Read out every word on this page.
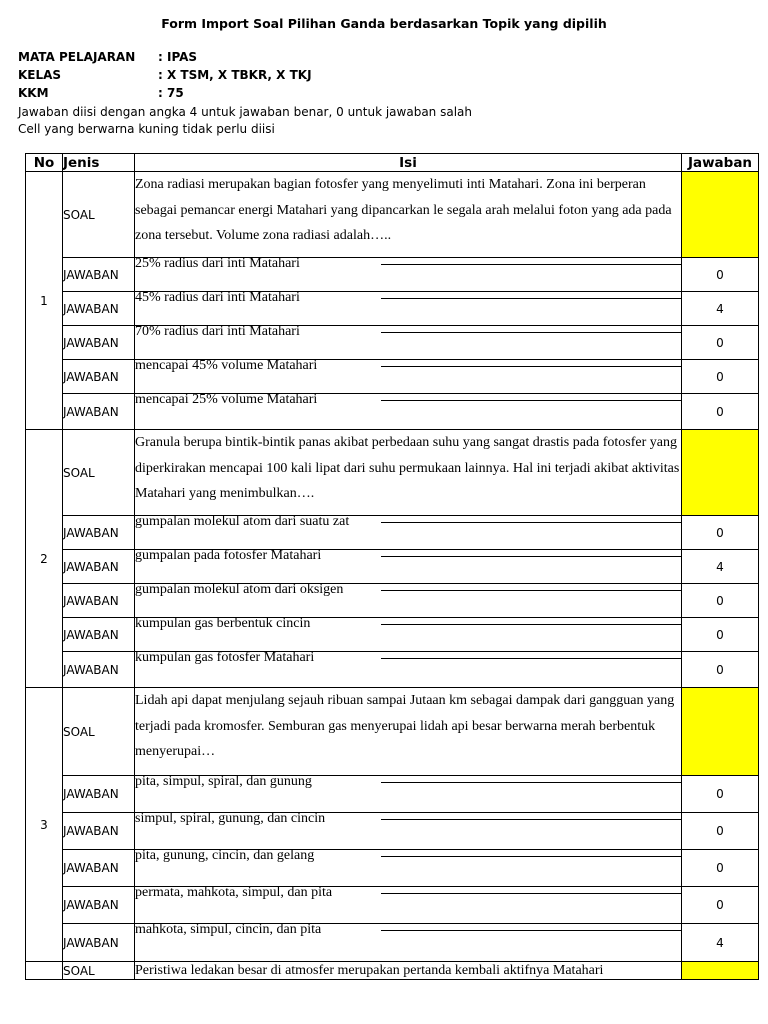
Form Import Soal Pilihan Ganda berdasarkan Topik yang dipilih
MATA PELAJARAN : IPAS
KELAS	: X TSM, X TBKR, X TKJ
KKM	: 75
Jawaban diisi dengan angka 4 untuk jawaban benar, 0 untuk jawaban salah
Cell yang berwarna kuning tidak perlu diisi
No	Jenis	Isi	Jawaban
1	SOAL	Zona radiasi merupakan bagian fotosfer yang menyelimuti inti Matahari. Zona ini berperan sebagai pemancar energi Matahari yang dipancarkan le segala arah melalui foton yang ada pada zona tersebut. Volume zona radiasi adalah…..	
	JAWABAN	25% radius dari inti Matahari	0
	JAWABAN	45% radius dari inti Matahari	4
	JAWABAN	70% radius dari inti Matahari	0
	JAWABAN	mencapai 45% volume Matahari	0
	JAWABAN	mencapai 25% volume Matahari	0
2	SOAL	Granula berupa bintik-bintik panas akibat perbedaan suhu yang sangat drastis pada fotosfer yang diperkirakan mencapai 100 kali lipat dari suhu permukaan lainnya. Hal ini terjadi akibat aktivitas Matahari yang menimbulkan….	
	JAWABAN	gumpalan molekul atom dari suatu zat	0
	JAWABAN	gumpalan pada fotosfer Matahari	4
	JAWABAN	gumpalan molekul atom dari oksigen	0
	JAWABAN	kumpulan gas berbentuk cincin	0
	JAWABAN	kumpulan gas fotosfer Matahari	0
3	SOAL	Lidah api dapat menjulang sejauh ribuan sampai Jutaan km sebagai dampak dari gangguan yang terjadi pada kromosfer. Semburan gas menyerupai lidah api besar berwarna merah berbentuk menyerupai…	
	JAWABAN	pita, simpul, spiral, dan gunung	0
	JAWABAN	simpul, spiral, gunung, dan cincin	0
	JAWABAN	pita, gunung, cincin, dan gelang	0
	JAWABAN	permata, mahkota, simpul, dan pita	0
	JAWABAN	mahkota, simpul, cincin, dan pita	4
	SOAL	Peristiwa ledakan besar di atmosfer merupakan pertanda kembali aktifnya Matahari	
